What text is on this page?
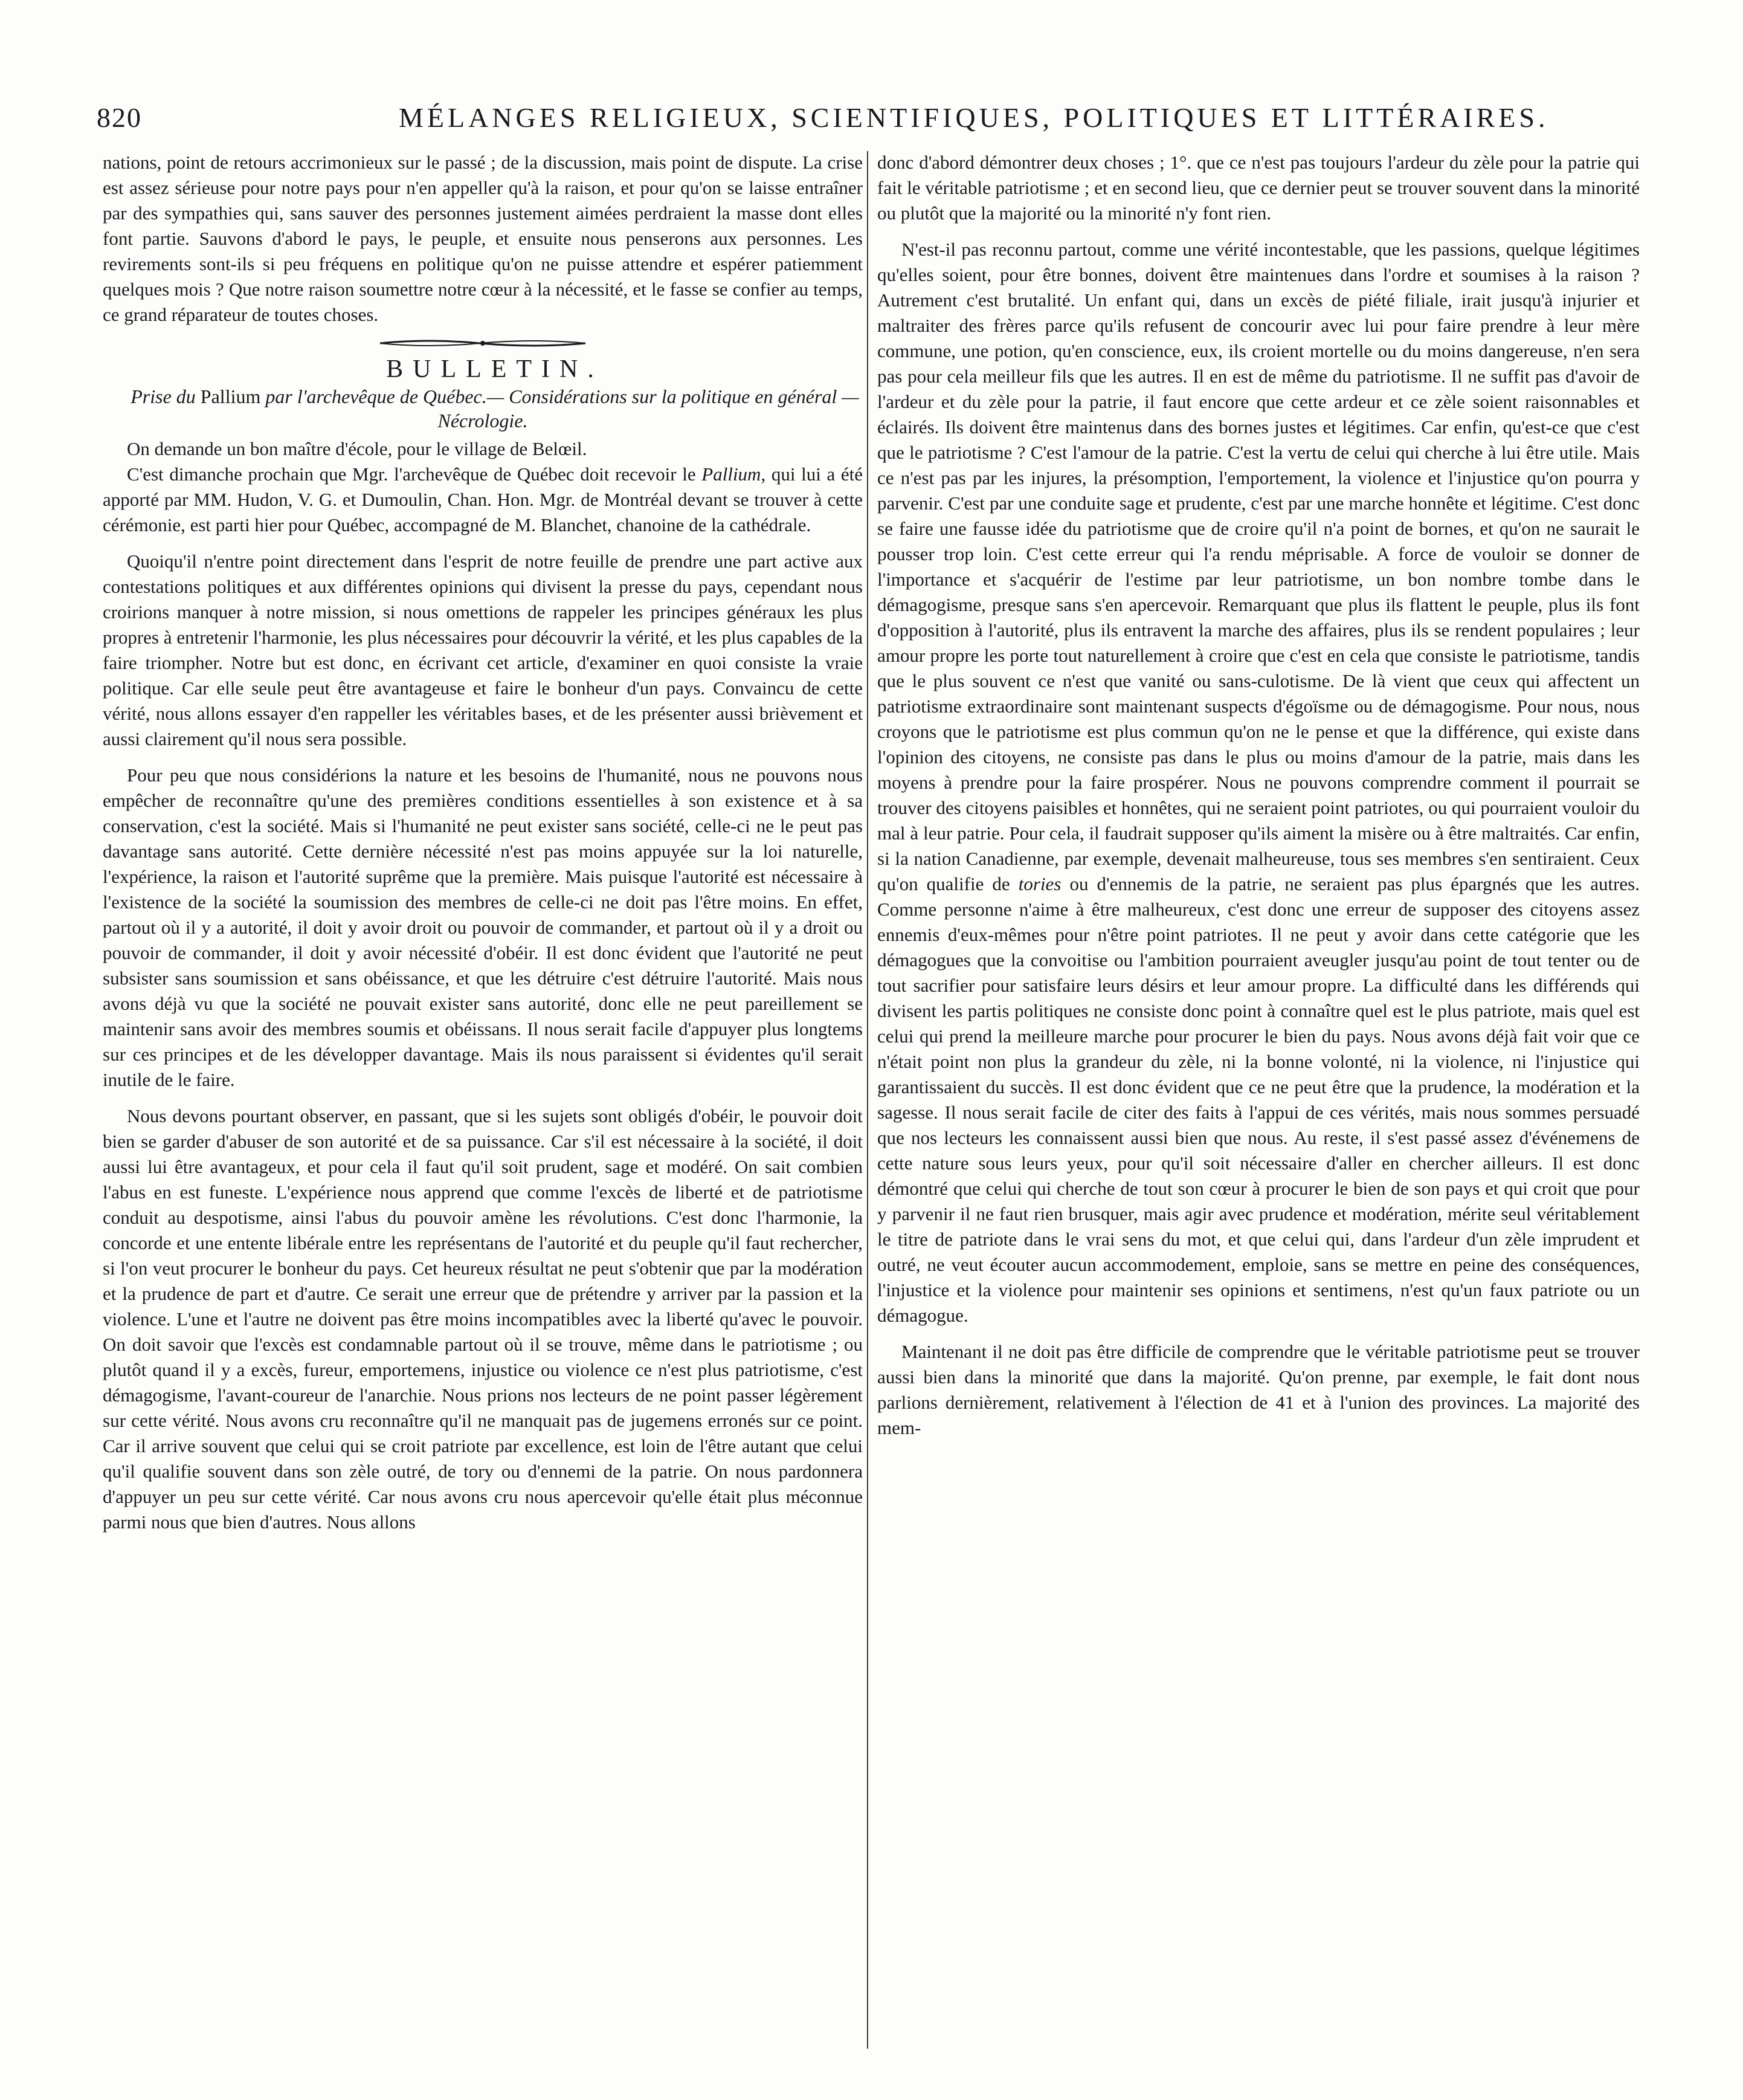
820	MÉLANGES RELIGIEUX, SCIENTIFIQUES, POLITIQUES ET LITTÉRAIRES.

nations, point de retours accrimonieux sur le passé ; de la discussion, mais point de dispute. La crise est assez sérieuse pour notre pays pour n'en appeller qu'à la raison, et pour qu'on se laisse entraîner par des sympathies qui, sans sauver des personnes justement aimées perdraient la masse dont elles font partie. Sauvons d'abord le pays, le peuple, et ensuite nous penserons aux personnes. Les revirements sont-ils si peu fréquens en politique qu'on ne puisse attendre et espérer patiemment quelques mois ? Que notre raison soumettre notre cœur à la nécessité, et le fasse se confier au temps, ce grand réparateur de toutes choses.

BULLETIN.

Prise du Pallium par l'archevêque de Québec.— Considérations sur la politique en général —Nécrologie.

On demande un bon maître d'école, pour le village de Belœil.

C'est dimanche prochain que Mgr. l'archevêque de Québec doit recevoir le Pallium, qui lui a été apporté par MM. Hudon, V. G. et Dumoulin, Chan. Hon. Mgr. de Montréal devant se trouver à cette cérémonie, est parti hier pour Québec, accompagné de M. Blanchet, chanoine de la cathédrale.

Quoiqu'il n'entre point directement dans l'esprit de notre feuille de prendre une part active aux contestations politiques et aux différentes opinions qui divisent la presse du pays, cependant nous croirions manquer à notre mission, si nous omettions de rappeler les principes généraux les plus propres à entretenir l'harmonie, les plus nécessaires pour découvrir la vérité, et les plus capables de la faire triompher. Notre but est donc, en écrivant cet article, d'examiner en quoi consiste la vraie politique. Car elle seule peut être avantageuse et faire le bonheur d'un pays. Convaincu de cette vérité, nous allons essayer d'en rappeller les véritables bases, et de les présenter aussi brièvement et aussi clairement qu'il nous sera possible.

Pour peu que nous considérions la nature et les besoins de l'humanité, nous ne pouvons nous empêcher de reconnaître qu'une des premières conditions essentielles à son existence et à sa conservation, c'est la société. Mais si l'humanité ne peut exister sans société, celle-ci ne le peut pas davantage sans autorité. Cette dernière nécessité n'est pas moins appuyée sur la loi naturelle, l'expérience, la raison et l'autorité suprême que la première. Mais puisque l'autorité est nécessaire à l'existence de la société la soumission des membres de celle-ci ne doit pas l'être moins. En effet, partout où il y a autorité, il doit y avoir droit ou pouvoir de commander, et partout où il y a droit ou pouvoir de commander, il doit y avoir nécessité d'obéir. Il est donc évident que l'autorité ne peut subsister sans soumission et sans obéissance, et que les détruire c'est détruire l'autorité. Mais nous avons déjà vu que la société ne pouvait exister sans autorité, donc elle ne peut pareillement se maintenir sans avoir des membres soumis et obéissans. Il nous serait facile d'appuyer plus longtems sur ces principes et de les développer davantage. Mais ils nous paraissent si évidentes qu'il serait inutile de le faire.

Nous devons pourtant observer, en passant, que si les sujets sont obligés d'obéir, le pouvoir doit bien se garder d'abuser de son autorité et de sa puissance. Car s'il est nécessaire à la société, il doit aussi lui être avantageux, et pour cela il faut qu'il soit prudent, sage et modéré. On sait combien l'abus en est funeste. L'expérience nous apprend que comme l'excès de liberté et de patriotisme conduit au despotisme, ainsi l'abus du pouvoir amène les révolutions. C'est donc l'harmonie, la concorde et une entente libérale entre les représentans de l'autorité et du peuple qu'il faut rechercher, si l'on veut procurer le bonheur du pays. Cet heureux résultat ne peut s'obtenir que par la modération et la prudence de part et d'autre. Ce serait une erreur que de prétendre y arriver par la passion et la violence. L'une et l'autre ne doivent pas être moins incompatibles avec la liberté qu'avec le pouvoir. On doit savoir que l'excès est condamnable partout où il se trouve, même dans le patriotisme ; ou plutôt quand il y a excès, fureur, emportemens, injustice ou violence ce n'est plus patriotisme, c'est démagogisme, l'avant-coureur de l'anarchie. Nous prions nos lecteurs de ne point passer légèrement sur cette vérité. Nous avons cru reconnaître qu'il ne manquait pas de jugemens erronés sur ce point. Car il arrive souvent que celui qui se croit patriote par excellence, est loin de l'être autant que celui qu'il qualifie souvent dans son zèle outré, de tory ou d'ennemi de la patrie. On nous pardonnera d'appuyer un peu sur cette vérité. Car nous avons cru nous apercevoir qu'elle était plus méconnue parmi nous que bien d'autres. Nous allons

donc d'abord démontrer deux choses ; 1°. que ce n'est pas toujours l'ardeur du zèle pour la patrie qui fait le véritable patriotisme ; et en second lieu, que ce dernier peut se trouver souvent dans la minorité ou plutôt que la majorité ou la minorité n'y font rien.

N'est-il pas reconnu partout, comme une vérité incontestable, que les passions, quelque légitimes qu'elles soient, pour être bonnes, doivent être maintenues dans l'ordre et soumises à la raison ? Autrement c'est brutalité. Un enfant qui, dans un excès de piété filiale, irait jusqu'à injurier et maltraiter des frères parce qu'ils refusent de concourir avec lui pour faire prendre à leur mère commune, une potion, qu'en conscience, eux, ils croient mortelle ou du moins dangereuse, n'en sera pas pour cela meilleur fils que les autres. Il en est de même du patriotisme. Il ne suffit pas d'avoir de l'ardeur et du zèle pour la patrie, il faut encore que cette ardeur et ce zèle soient raisonnables et éclairés. Ils doivent être maintenus dans des bornes justes et légitimes. Car enfin, qu'est-ce que c'est que le patriotisme ? C'est l'amour de la patrie. C'est la vertu de celui qui cherche à lui être utile. Mais ce n'est pas par les injures, la présomption, l'emportement, la violence et l'injustice qu'on pourra y parvenir. C'est par une conduite sage et prudente, c'est par une marche honnête et légitime. C'est donc se faire une fausse idée du patriotisme que de croire qu'il n'a point de bornes, et qu'on ne saurait le pousser trop loin. C'est cette erreur qui l'a rendu méprisable. A force de vouloir se donner de l'importance et s'acquérir de l'estime par leur patriotisme, un bon nombre tombe dans le démagogisme, presque sans s'en apercevoir. Remarquant que plus ils flattent le peuple, plus ils font d'opposition à l'autorité, plus ils entravent la marche des affaires, plus ils se rendent populaires ; leur amour propre les porte tout naturellement à croire que c'est en cela que consiste le patriotisme, tandis que le plus souvent ce n'est que vanité ou sans-culotisme. De là vient que ceux qui affectent un patriotisme extraordinaire sont maintenant suspects d'égoïsme ou de démagogisme. Pour nous, nous croyons que le patriotisme est plus commun qu'on ne le pense et que la différence, qui existe dans l'opinion des citoyens, ne consiste pas dans le plus ou moins d'amour de la patrie, mais dans les moyens à prendre pour la faire prospérer. Nous ne pouvons comprendre comment il pourrait se trouver des citoyens paisibles et honnêtes, qui ne seraient point patriotes, ou qui pourraient vouloir du mal à leur patrie. Pour cela, il faudrait supposer qu'ils aiment la misère ou à être maltraités. Car enfin, si la nation Canadienne, par exemple, devenait malheureuse, tous ses membres s'en sentiraient. Ceux qu'on qualifie de tories ou d'ennemis de la patrie, ne seraient pas plus épargnés que les autres. Comme personne n'aime à être malheureux, c'est donc une erreur de supposer des citoyens assez ennemis d'eux-mêmes pour n'être point patriotes. Il ne peut y avoir dans cette catégorie que les démagogues que la convoitise ou l'ambition pourraient aveugler jusqu'au point de tout tenter ou de tout sacrifier pour satisfaire leurs désirs et leur amour propre. La difficulté dans les différends qui divisent les partis politiques ne consiste donc point à connaître quel est le plus patriote, mais quel est celui qui prend la meilleure marche pour procurer le bien du pays. Nous avons déjà fait voir que ce n'était point non plus la grandeur du zèle, ni la bonne volonté, ni la violence, ni l'injustice qui garantissaient du succès. Il est donc évident que ce ne peut être que la prudence, la modération et la sagesse. Il nous serait facile de citer des faits à l'appui de ces vérités, mais nous sommes persuadé que nos lecteurs les connaissent aussi bien que nous. Au reste, il s'est passé assez d'événemens de cette nature sous leurs yeux, pour qu'il soit nécessaire d'aller en chercher ailleurs. Il est donc démontré que celui qui cherche de tout son cœur à procurer le bien de son pays et qui croit que pour y parvenir il ne faut rien brusquer, mais agir avec prudence et modération, mérite seul véritablement le titre de patriote dans le vrai sens du mot, et que celui qui, dans l'ardeur d'un zèle imprudent et outré, ne veut écouter aucun accommodement, emploie, sans se mettre en peine des conséquences, l'injustice et la violence pour maintenir ses opinions et sentimens, n'est qu'un faux patriote ou un démagogue.

Maintenant il ne doit pas être difficile de comprendre que le véritable patriotisme peut se trouver aussi bien dans la minorité que dans la majorité. Qu'on prenne, par exemple, le fait dont nous parlions dernièrement, relativement à l'élection de 41 et à l'union des provinces. La majorité des mem-
